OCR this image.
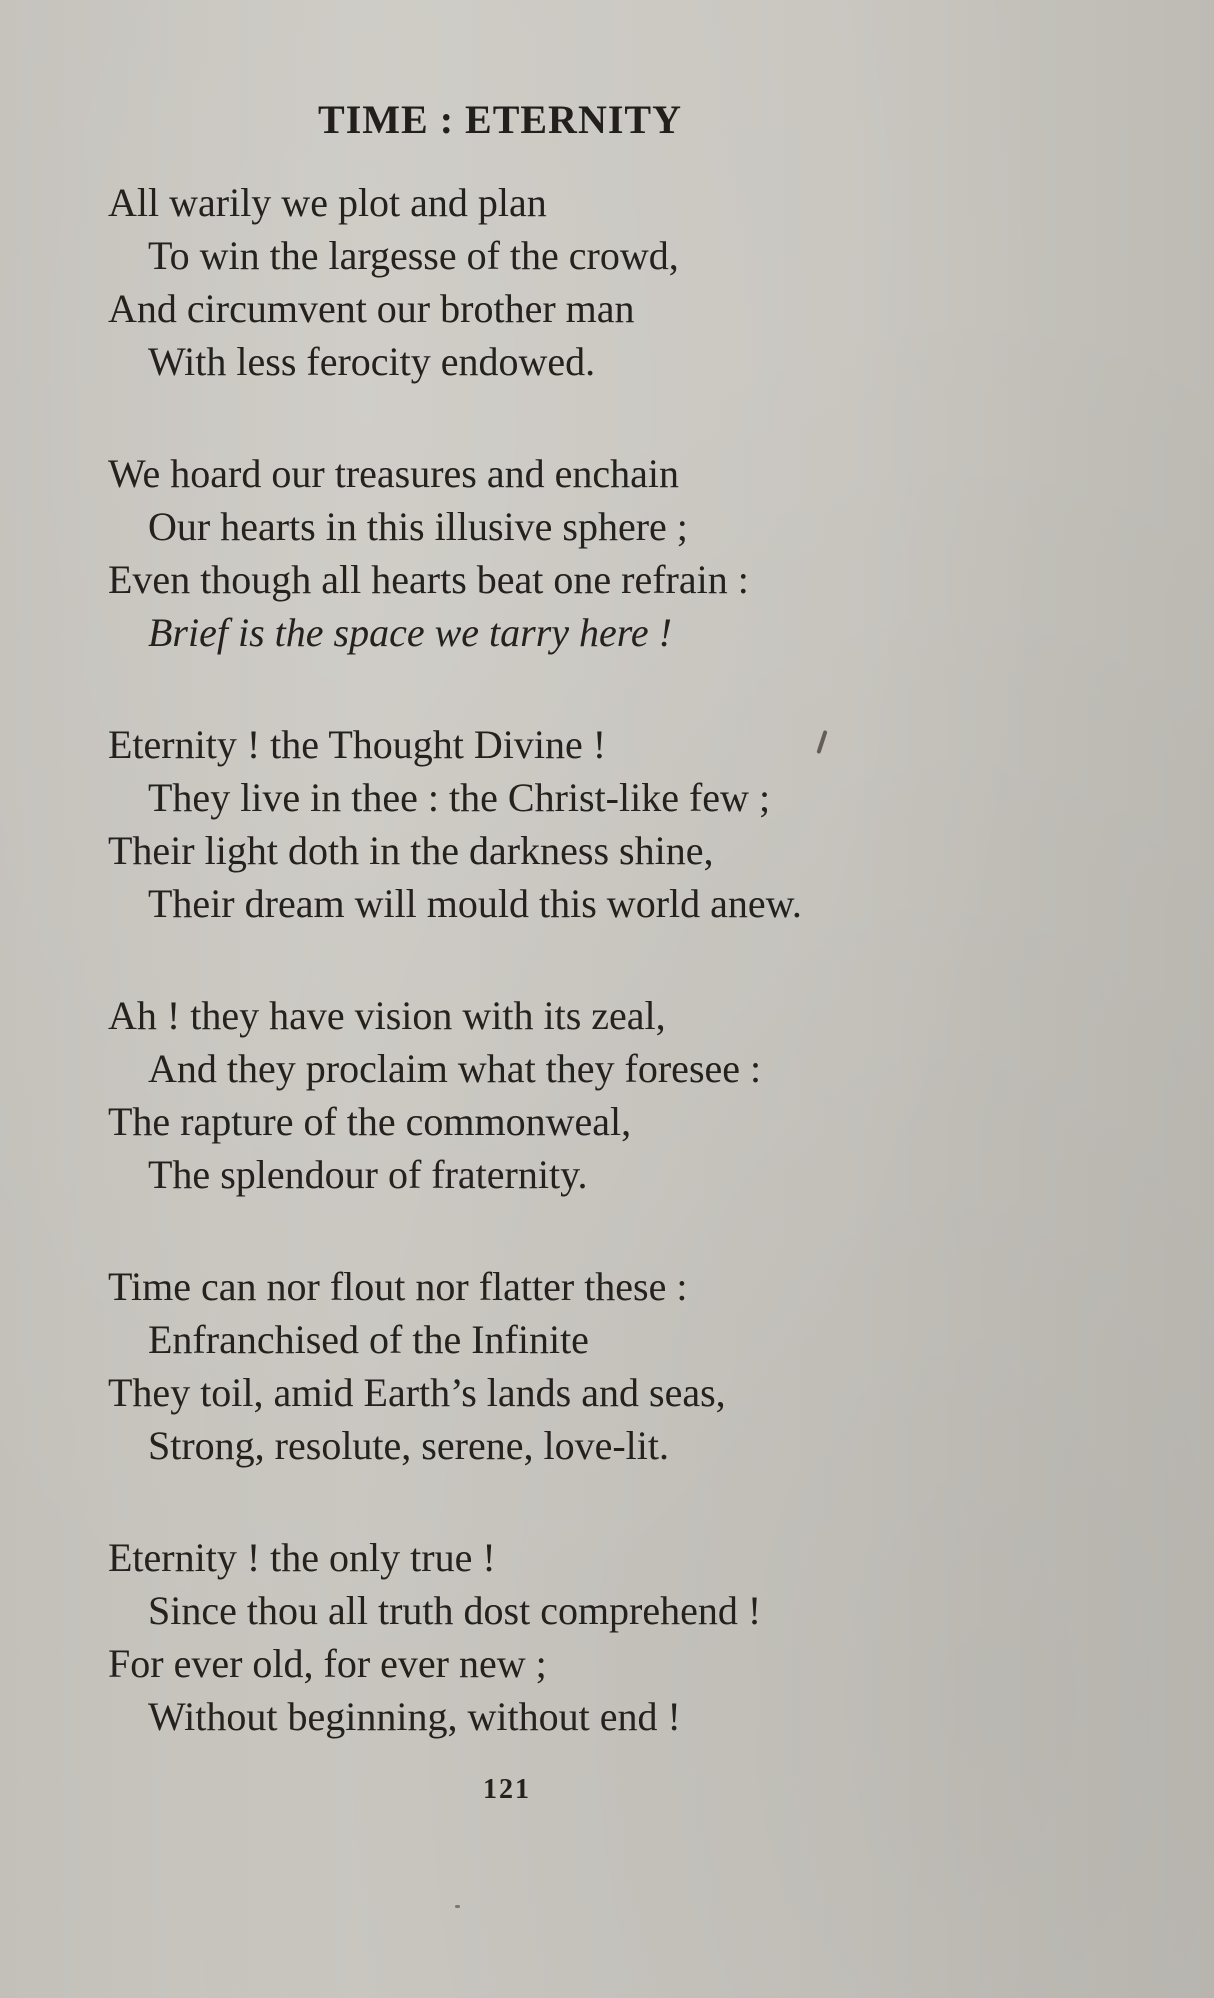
TIME : ETERNITY
All warily we plot and plan
To win the largesse of the crowd,
And circumvent our brother man
With less ferocity endowed.
We hoard our treasures and enchain
Our hearts in this illusive sphere ;
Even though all hearts beat one refrain :
Brief is the space we tarry here !
Eternity ! the Thought Divine !
They live in thee : the Christ-like few ;
Their light doth in the darkness shine,
Their dream will mould this world anew.
Ah ! they have vision with its zeal,
And they proclaim what they foresee :
The rapture of the commonweal,
The splendour of fraternity.
Time can nor flout nor flatter these :
Enfranchised of the Infinite
They toil, amid Earth’s lands and seas,
Strong, resolute, serene, love-lit.
Eternity ! the only true !
Since thou all truth dost comprehend !
For ever old, for ever new ;
Without beginning, without end !
121
